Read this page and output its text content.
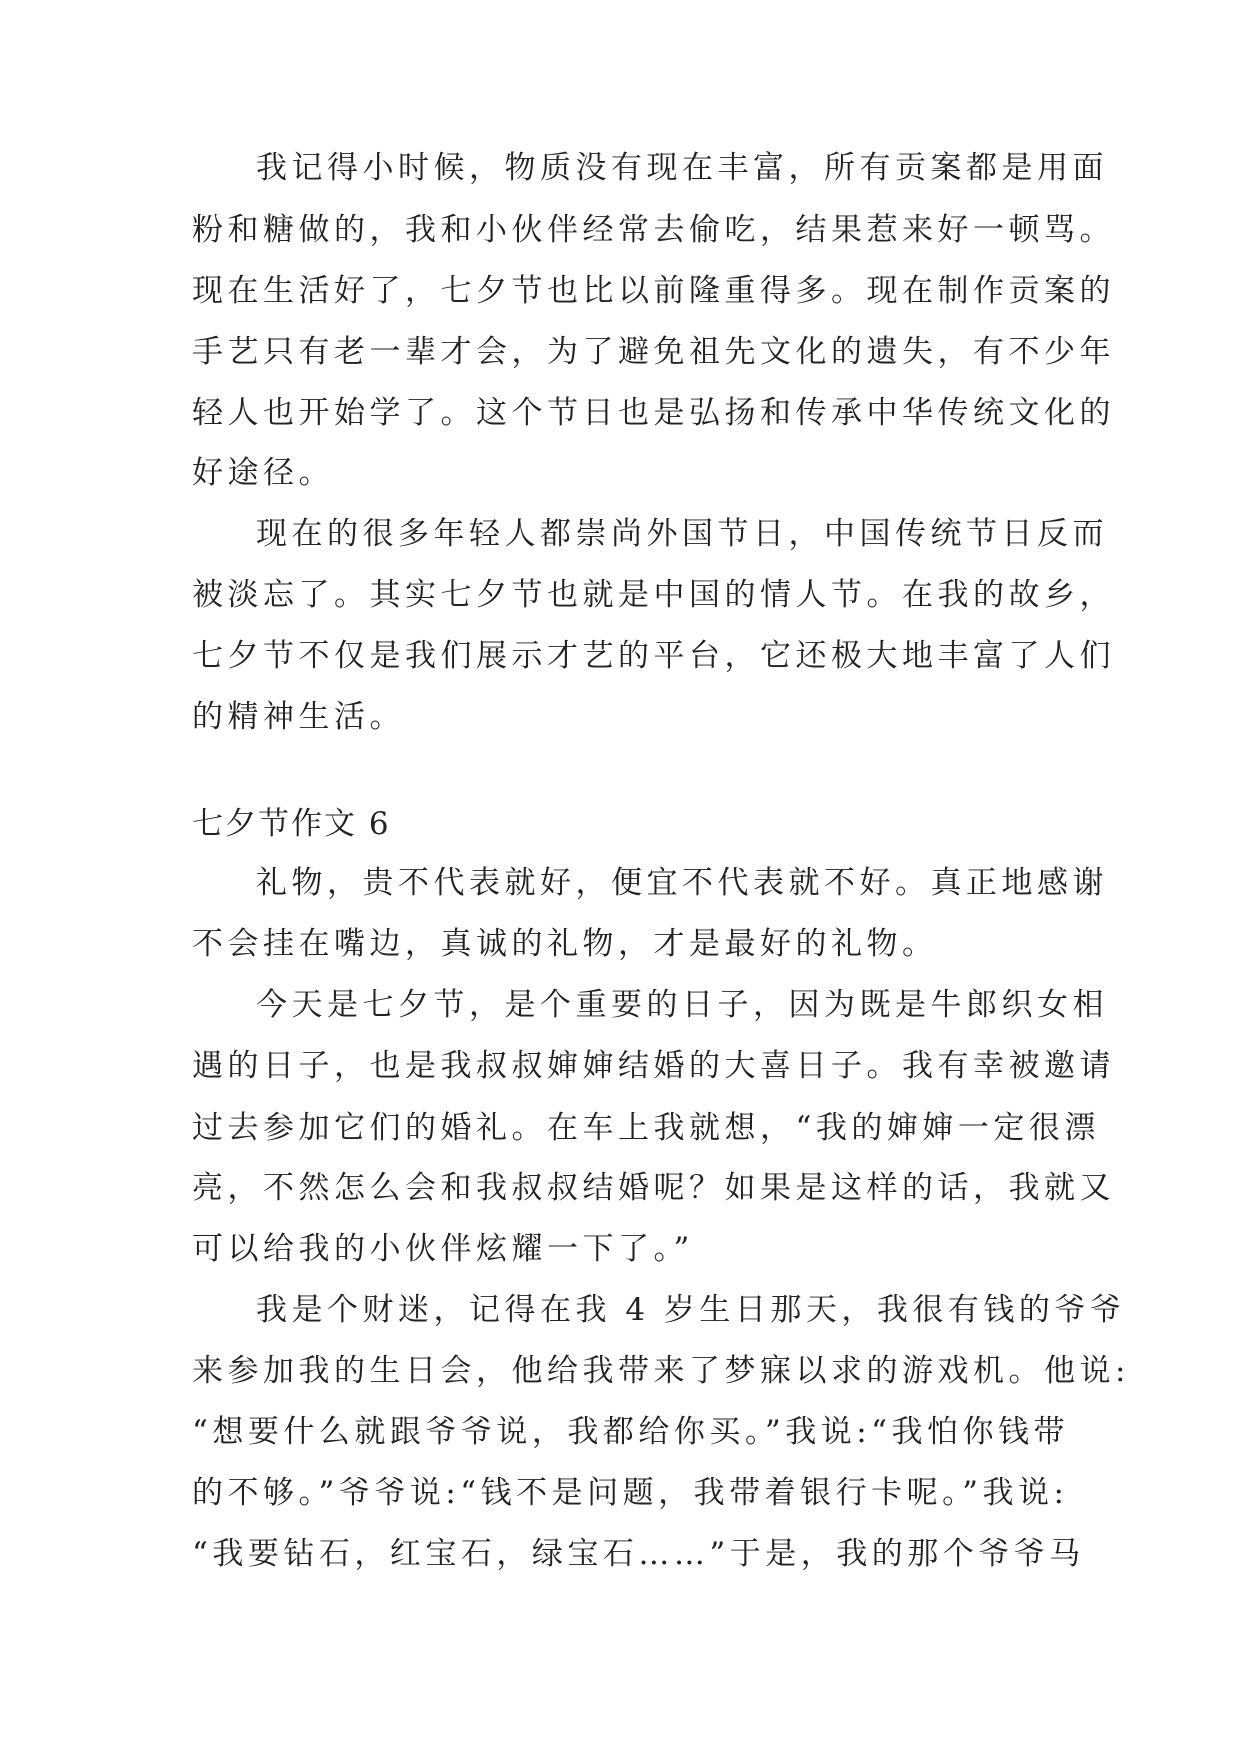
我记得小时候，物质没有现在丰富，所有贡案都是用面
粉和糖做的，我和小伙伴经常去偷吃，结果惹来好一顿骂。
现在生活好了，七夕节也比以前隆重得多。现在制作贡案的
手艺只有老一辈才会，为了避免祖先文化的遗失，有不少年
轻人也开始学了。这个节日也是弘扬和传承中华传统文化的
好途径。
现在的很多年轻人都崇尚外国节日，中国传统节日反而
被淡忘了。其实七夕节也就是中国的情人节。在我的故乡，
七夕节不仅是我们展示才艺的平台，它还极大地丰富了人们
的精神生活。
七夕节作文 6
礼物，贵不代表就好，便宜不代表就不好。真正地感谢
不会挂在嘴边，真诚的礼物，才是最好的礼物。
今天是七夕节，是个重要的日子，因为既是牛郎织女相
遇的日子，也是我叔叔婶婶结婚的大喜日子。我有幸被邀请
过去参加它们的婚礼。在车上我就想，“我的婶婶一定很漂
亮，不然怎么会和我叔叔结婚呢？如果是这样的话，我就又
可以给我的小伙伴炫耀一下了。”
我是个财迷，记得在我 4 岁生日那天，我很有钱的爷爷
来参加我的生日会，他给我带来了梦寐以求的游戏机。他说:
“想要什么就跟爷爷说，我都给你买。”我说:“我怕你钱带
的不够。”爷爷说:“钱不是问题，我带着银行卡呢。”我说:
“我要钻石，红宝石，绿宝石……”于是，我的那个爷爷马
